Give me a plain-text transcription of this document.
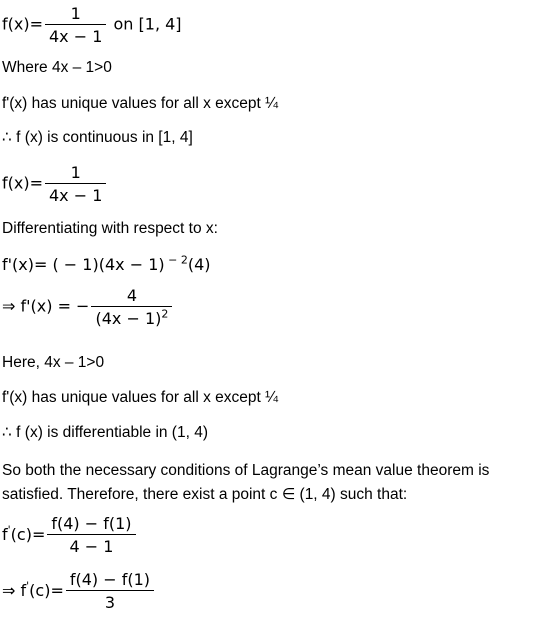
$f(x)= \frac{1}{4x - 1}$ on [1, 4]
Where 4x – 1>0
f'(x) has unique values for all x except ¼
∴ f (x) is continuous in [1, 4]
$f(x)= \frac{1}{4x - 1}$
Differentiating with respect to x:
f'(x)= ( − 1)(4x − 1) $^{- 2}$(4)
⇒ f'(x) = − $\frac{4}{(4x - 1)^2}$
Here, 4x – 1>0
f'(x) has unique values for all x except ¼
∴ f (x) is differentiable in (1, 4)
So both the necessary conditions of Lagrange’s mean value theorem is satisfied. Therefore, there exist a point c ∈ (1, 4) such that:
$f'(c)= \frac{f(4) - f(1)}{4 - 1}$
⇒ $f'(c)= \frac{f(4) - f(1)}{3}$
